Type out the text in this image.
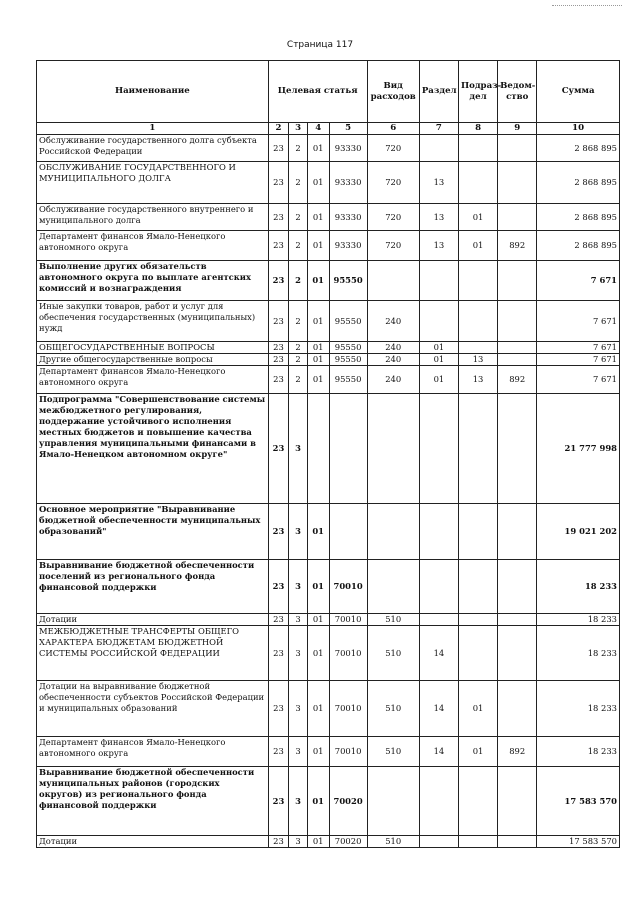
Страница 117
Наименование	Целевая статья				Вид расходов	Раздел	Подраз-дел	Ведом-ство	Сумма
1	2	3	4	5	6	7	8	9	10
Обслуживание государственного долга субъекта Российской Федерации	23	2	01	93330	720				2 868 895
ОБСЛУЖИВАНИЕ ГОСУДАРСТВЕННОГО И МУНИЦИПАЛЬНОГО ДОЛГА	23	2	01	93330	720	13			2 868 895
Обслуживание государственного внутреннего и муниципального долга	23	2	01	93330	720	13	01		2 868 895
Департамент финансов Ямало-Ненецкого автономного округа	23	2	01	93330	720	13	01	892	2 868 895
Выполнение других обязательств автономного округа по выплате агентских комиссий и вознаграждения	23	2	01	95550					7 671
Иные закупки товаров, работ и услуг для обеспечения государственных (муниципальных) нужд	23	2	01	95550	240				7 671
ОБЩЕГОСУДАРСТВЕННЫЕ ВОПРОСЫ	23	2	01	95550	240	01			7 671
Другие общегосударственные вопросы	23	2	01	95550	240	01	13		7 671
Департамент финансов Ямало-Ненецкого автономного округа	23	2	01	95550	240	01	13	892	7 671
Подпрограмма "Совершенствование системы межбюджетного регулирования, поддержание устойчивого исполнения местных бюджетов и повышение качества управления муниципальными финансами в Ямало-Ненецком автономном округе"	23	3							21 777 998
Основное мероприятие "Выравнивание бюджетной обеспеченности муниципальных образований"	23	3	01						19 021 202
Выравнивание бюджетной обеспеченности поселений из регионального фонда финансовой поддержки	23	3	01	70010					18 233
Дотации	23	3	01	70010	510				18 233
МЕЖБЮДЖЕТНЫЕ ТРАНСФЕРТЫ ОБЩЕГО ХАРАКТЕРА БЮДЖЕТАМ БЮДЖЕТНОЙ СИСТЕМЫ РОССИЙСКОЙ ФЕДЕРАЦИИ	23	3	01	70010	510	14			18 233
Дотации на выравнивание бюджетной обеспеченности субъектов Российской Федерации и муниципальных образований	23	3	01	70010	510	14	01		18 233
Департамент финансов Ямало-Ненецкого автономного округа	23	3	01	70010	510	14	01	892	18 233
Выравнивание бюджетной обеспеченности муниципальных районов (городских округов) из регионального фонда финансовой поддержки	23	3	01	70020					17 583 570
Дотации	23	3	01	70020	510				17 583 570
